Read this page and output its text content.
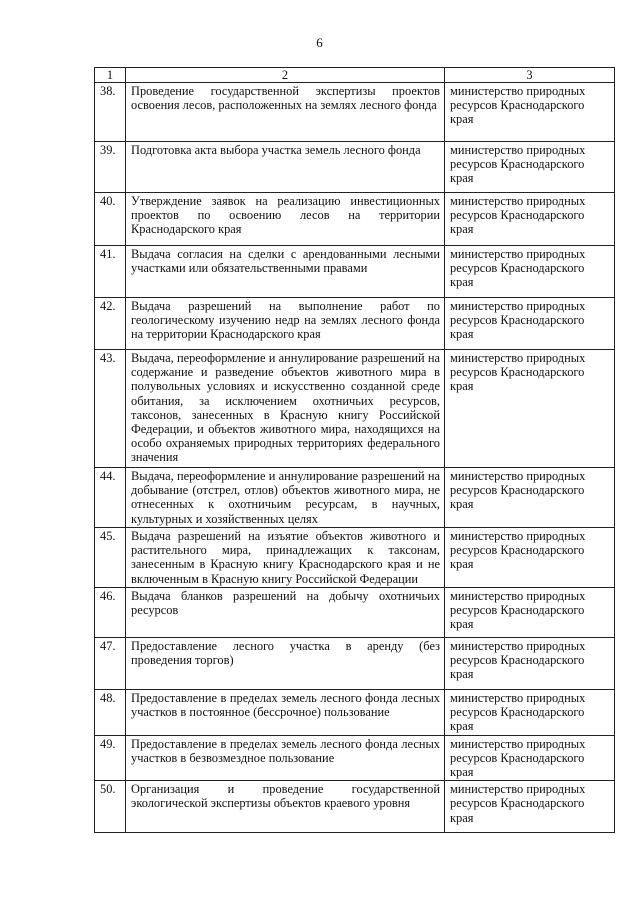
6
1	2	3
38.	Проведение государственной экспертизы проектов освоения лесов, расположенных на землях лесного фонда	министерство природных ресурсов Краснодарского края
39.	Подготовка акта выбора участка земель лесного фонда	министерство природных ресурсов Краснодарского края
40.	Утверждение заявок на реализацию инвестиционных проектов по освоению лесов на территории Краснодарского края	министерство природных ресурсов Краснодарского края
41.	Выдача согласия на сделки с арендованными лесными участками или обязательственными правами	министерство природных ресурсов Краснодарского края
42.	Выдача разрешений на выполнение работ по геологическому изучению недр на землях лесного фонда на территории Краснодарского края	министерство природных ресурсов Краснодарского края
43.	Выдача, переоформление и аннулирование разрешений на содержание и разведение объектов животного мира в полувольных условиях и искусственно созданной среде обитания, за исключением охотничьих ресурсов, таксонов, занесенных в Красную книгу Российской Федерации, и объектов животного мира, находящихся на особо охраняемых природных территориях федерального значения	министерство природных ресурсов Краснодарского края
44.	Выдача, переоформление и аннулирование разрешений на добывание (отстрел, отлов) объектов животного мира, не отнесенных к охотничьим ресурсам, в научных, культурных и хозяйственных целях	министерство природных ресурсов Краснодарского края
45.	Выдача разрешений на изъятие объектов животного и растительного мира, принадлежащих к таксонам, занесенным в Красную книгу Краснодарского края и не включенным в Красную книгу Российской Федерации	министерство природных ресурсов Краснодарского края
46.	Выдача бланков разрешений на добычу охотничьих ресурсов	министерство природных ресурсов Краснодарского края
47.	Предоставление лесного участка в аренду (без проведения торгов)	министерство природных ресурсов Краснодарского края
48.	Предоставление в пределах земель лесного фонда лесных участков в постоянное (бессрочное) пользование	министерство природных ресурсов Краснодарского края
49.	Предоставление в пределах земель лесного фонда лесных участков в безвозмездное пользование	министерство природных ресурсов Краснодарского края
50.	Организация и проведение государственной экологической экспертизы объектов краевого уровня	министерство природных ресурсов Краснодарского края
